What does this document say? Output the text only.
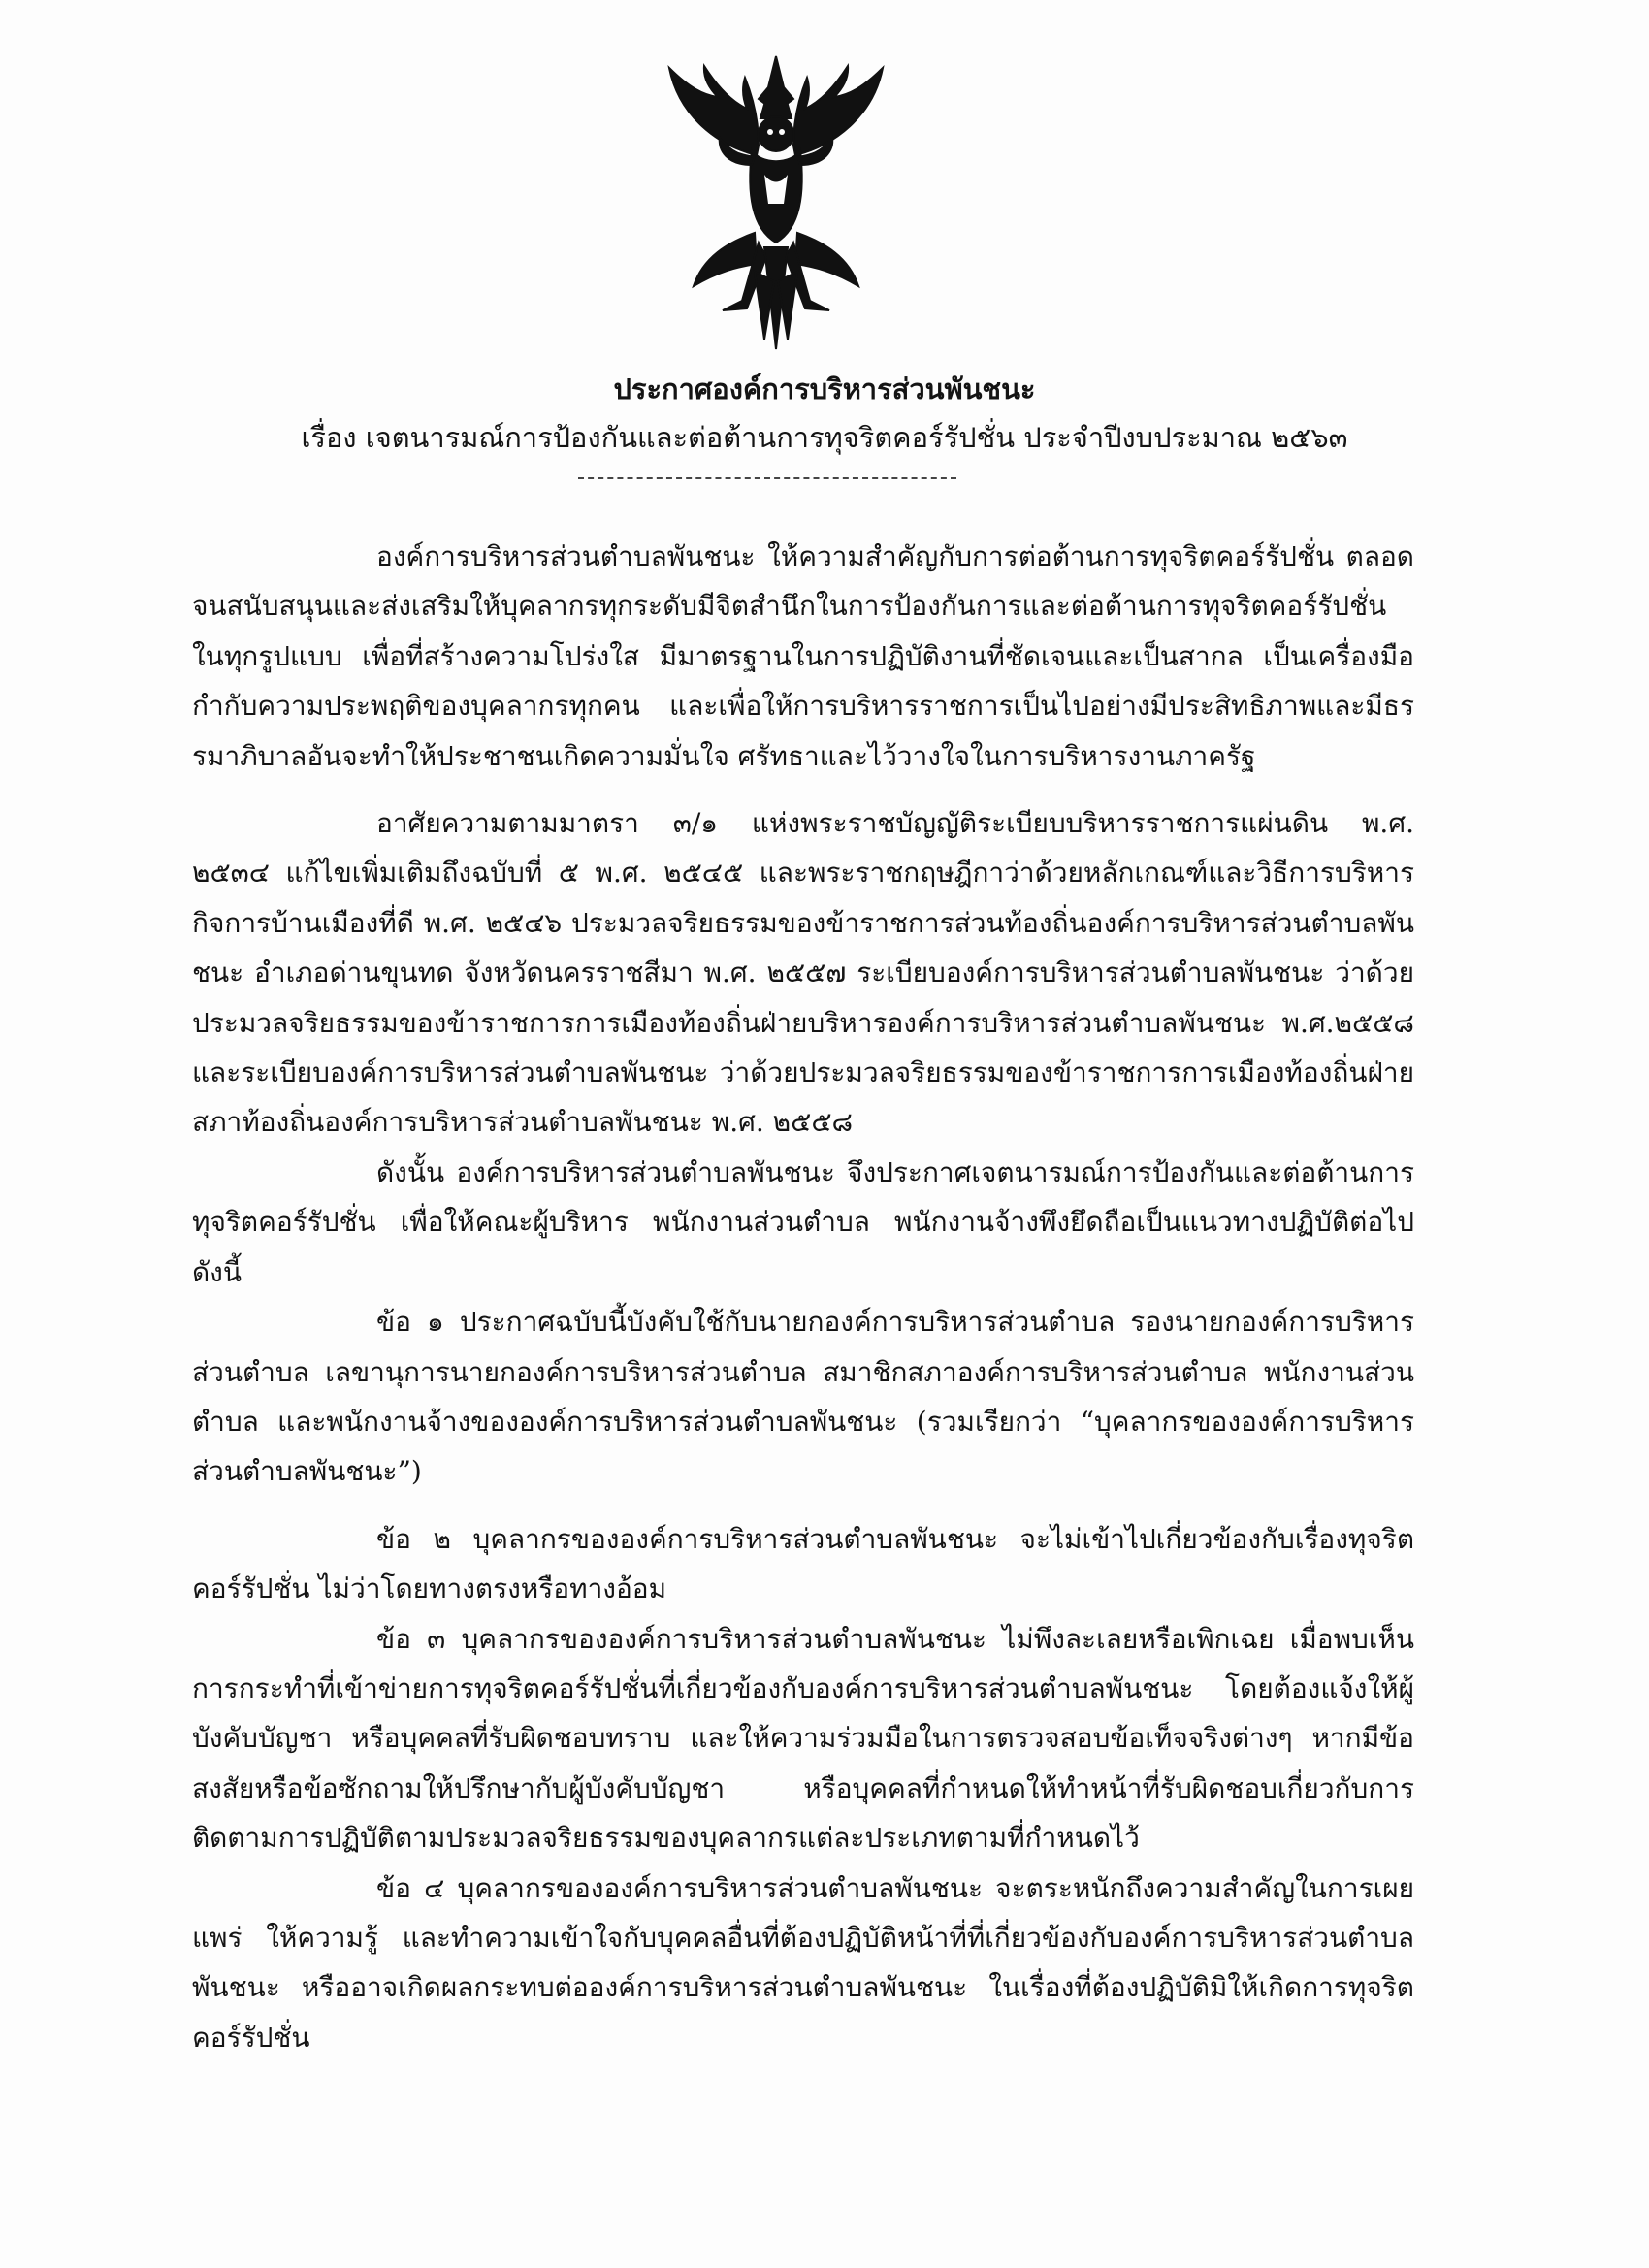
ประกาศองค์การบริหารส่วนพันชนะ
เรื่อง เจตนารมณ์การป้องกันและต่อต้านการทุจริตคอร์รัปชั่น ประจำปีงบประมาณ ๒๕๖๓

องค์การบริหารส่วนตำบลพันชนะ ให้ความสำคัญกับการต่อต้านการทุจริตคอร์รัปชั่น ตลอดจนสนับสนุนและส่งเสริมให้บุคลากรทุกระดับมีจิตสำนึกในการป้องกันการและต่อต้านการทุจริตคอร์รัปชั่นในทุกรูปแบบ เพื่อที่สร้างความโปร่งใส มีมาตรฐานในการปฏิบัติงานที่ชัดเจนและเป็นสากล เป็นเครื่องมือกำกับความประพฤติของบุคลากรทุกคน และเพื่อให้การบริหารราชการเป็นไปอย่างมีประสิทธิภาพและมีธรรมาภิบาลอันจะทำให้ประชาชนเกิดความมั่นใจ ศรัทธาและไว้วางใจในการบริหารงานภาครัฐ

อาศัยความตามมาตรา ๓/๑ แห่งพระราชบัญญัติระเบียบบริหารราชการแผ่นดิน พ.ศ. ๒๕๓๔ แก้ไขเพิ่มเติมถึงฉบับที่ ๕ พ.ศ. ๒๕๔๕ และพระราชกฤษฎีกาว่าด้วยหลักเกณฑ์และวิธีการบริหารกิจการบ้านเมืองที่ดี พ.ศ. ๒๕๔๖ ประมวลจริยธรรมของข้าราชการส่วนท้องถิ่นองค์การบริหารส่วนตำบลพันชนะ อำเภอด่านขุนทด จังหวัดนครราชสีมา พ.ศ. ๒๕๕๗ ระเบียบองค์การบริหารส่วนตำบลพันชนะ ว่าด้วยประมวลจริยธรรมของข้าราชการการเมืองท้องถิ่นฝ่ายบริหารองค์การบริหารส่วนตำบลพันชนะ พ.ศ.๒๕๕๘ และระเบียบองค์การบริหารส่วนตำบลพันชนะ ว่าด้วยประมวลจริยธรรมของข้าราชการการเมืองท้องถิ่นฝ่ายสภาท้องถิ่นองค์การบริหารส่วนตำบลพันชนะ พ.ศ. ๒๕๕๘

ดังนั้น องค์การบริหารส่วนตำบลพันชนะ จึงประกาศเจตนารมณ์การป้องกันและต่อต้านการทุจริตคอร์รัปชั่น เพื่อให้คณะผู้บริหาร พนักงานส่วนตำบล พนักงานจ้างพึงยึดถือเป็นแนวทางปฏิบัติต่อไป ดังนี้

ข้อ ๑ ประกาศฉบับนี้บังคับใช้กับนายกองค์การบริหารส่วนตำบล รองนายกองค์การบริหารส่วนตำบล เลขานุการนายกองค์การบริหารส่วนตำบล สมาชิกสภาองค์การบริหารส่วนตำบล พนักงานส่วนตำบล และพนักงานจ้างขององค์การบริหารส่วนตำบลพันชนะ (รวมเรียกว่า “บุคลากรขององค์การบริหารส่วนตำบลพันชนะ”)

ข้อ ๒ บุคลากรขององค์การบริหารส่วนตำบลพันชนะ จะไม่เข้าไปเกี่ยวข้องกับเรื่องทุจริตคอร์รัปชั่น ไม่ว่าโดยทางตรงหรือทางอ้อม

ข้อ ๓ บุคลากรขององค์การบริหารส่วนตำบลพันชนะ ไม่พึงละเลยหรือเพิกเฉย เมื่อพบเห็นการกระทำที่เข้าข่ายการทุจริตคอร์รัปชั่นที่เกี่ยวข้องกับองค์การบริหารส่วนตำบลพันชนะ โดยต้องแจ้งให้ผู้บังคับบัญชา หรือบุคคลที่รับผิดชอบทราบ และให้ความร่วมมือในการตรวจสอบข้อเท็จจริงต่างๆ หากมีข้อสงสัยหรือข้อซักถามให้ปรึกษากับผู้บังคับบัญชา หรือบุคคลที่กำหนดให้ทำหน้าที่รับผิดชอบเกี่ยวกับการติดตามการปฏิบัติตามประมวลจริยธรรมของบุคลากรแต่ละประเภทตามที่กำหนดไว้

ข้อ ๔ บุคลากรขององค์การบริหารส่วนตำบลพันชนะ จะตระหนักถึงความสำคัญในการเผยแพร่ ให้ความรู้ และทำความเข้าใจกับบุคคลอื่นที่ต้องปฏิบัติหน้าที่ที่เกี่ยวข้องกับองค์การบริหารส่วนตำบลพันชนะ หรืออาจเกิดผลกระทบต่อองค์การบริหารส่วนตำบลพันชนะ ในเรื่องที่ต้องปฏิบัติมิให้เกิดการทุจริตคอร์รัปชั่น
